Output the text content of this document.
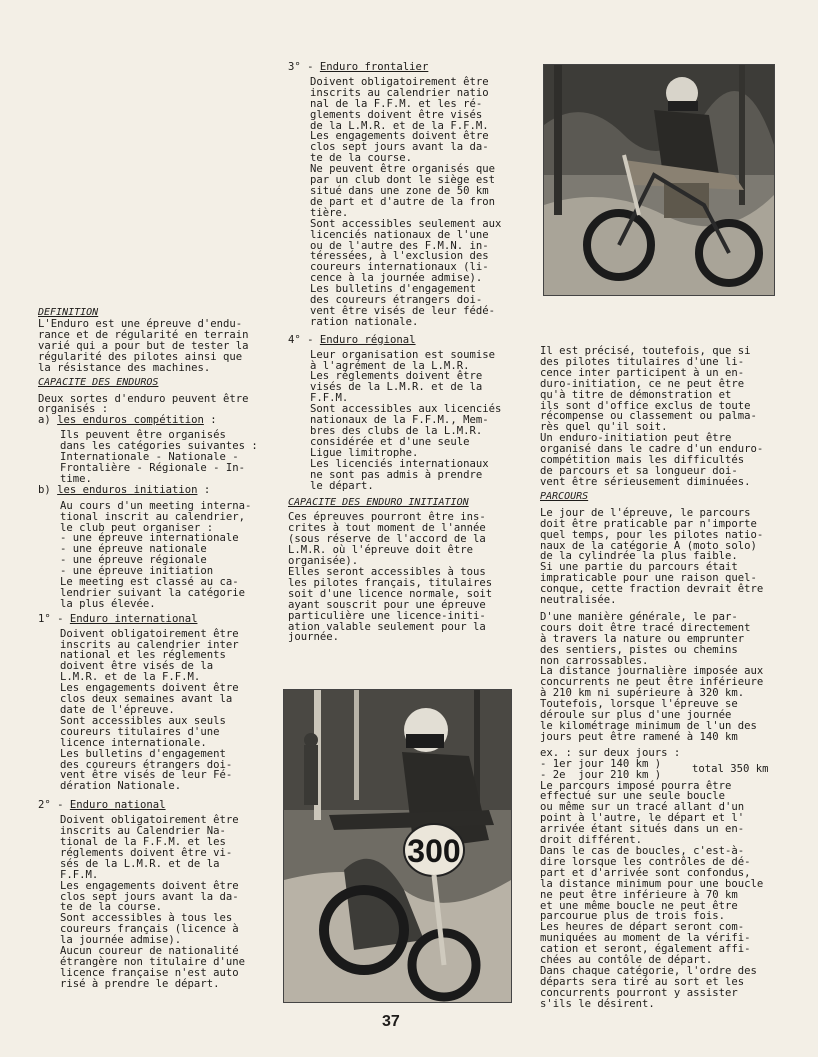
DEFINITION

L'Enduro est une épreuve d'endu-

rance et de régularité en terrain

varié qui a pour but de tester la

régularité des pilotes ainsi que

la résistance des machines.

CAPACITE DES ENDUROS

Deux sortes d'enduro peuvent être

organisés :

a) les enduros compétition :

Ils peuvent être organisés

dans les catégories suivantes :

Internationale - Nationale -

Frontalière - Régionale - In-

time.

b) les enduros initiation :

Au cours d'un meeting interna-

tional inscrit au calendrier,

le club peut organiser :

- une épreuve internationale

- une épreuve nationale

- une épreuve régionale

- une épreuve initiation

Le meeting est classé au ca-

lendrier suivant la catégorie

la plus élevée.

1° - Enduro international

Doivent obligatoirement être

inscrits au calendrier inter

national et les réglements

doivent être visés de la

L.M.R. et de la F.F.M.

Les engagements doivent être

clos deux semaines avant la

date de l'épreuve.

Sont accessibles aux seuls

coureurs titulaires d'une

licence internationale.

Les bulletins d'engagement

des coureurs étrangers doi-

vent être visés de leur Fé-

dération Nationale.

2° - Enduro national

Doivent obligatoirement être

inscrits au Calendrier Na-

tional de la F.F.M. et les

réglements doivent être vi-

sés de la L.M.R. et de la

F.F.M.

Les engagements doivent être

clos sept jours avant la da-

te de la course.

Sont accessibles à tous les

coureurs français (licence à

la journée admise).

Aucun coureur de nationalité

étrangère non titulaire d'une

licence française n'est auto

risé à prendre le départ.

3° - Enduro frontalier

Doivent obligatoirement être

inscrits au calendrier natio

nal de la F.F.M. et les ré-

glements doivent être visés

de la L.M.R. et de la F.F.M.

Les engagements doivent être

clos sept jours avant la da-

te de la course.

Ne peuvent être organisés que

par un club dont le siège est

situé dans une zone de 50 km

de part et d'autre de la fron

tière.

Sont accessibles seulement aux

licenciés nationaux de l'une

ou de l'autre des F.M.N. in-

téressées, à l'exclusion des

coureurs internationaux (li-

cence à la journée admise).

Les bulletins d'engagement

des coureurs étrangers doi-

vent être visés de leur fédé-

ration nationale.

4° - Enduro régional

Leur organisation est soumise

à l'agrément de la L.M.R.

Les réglements doivent être

visés de la L.M.R. et de la

F.F.M.

Sont accessibles aux licenciés

nationaux de la F.F.M., Mem-

bres des clubs de la L.M.R.

considérée et d'une seule

Ligue limitrophe.

Les licenciés internationaux

ne sont pas admis à prendre

le départ.

CAPACITE DES ENDURO INITIATION

Ces épreuves pourront être ins-

crites à tout moment de l'année

(sous réserve de l'accord de la

L.M.R. où l'épreuve doit être

organisée).

Elles seront accessibles à tous

les pilotes français, titulaires

soit d'une licence normale, soit

ayant souscrit pour une épreuve

particulière une licence-initi-

ation valable seulement pour la

journée.

Il est précisé, toutefois, que si

des pilotes titulaires d'une li-

cence inter participent à un en-

duro-initiation, ce ne peut être

qu'à titre de démonstration et

ils sont d'office exclus de toute

récompense ou classement ou palma-

rès quel qu'il soit.

Un enduro-initiation peut être

organisé dans le cadre d'un enduro-

compétition mais les difficultés

de parcours et sa longueur doi-

vent être sérieusement diminuées.

PARCOURS

Le jour de l'épreuve, le parcours

doit être praticable par n'importe

quel temps, pour les pilotes natio-

naux de la catégorie A (moto solo)

de la cylindrée la plus faible.

Si une partie du parcours était

impraticable pour une raison quel-

conque, cette fraction devrait être

neutralisée.

D'une manière générale, le par-

cours doit être tracé directement

à travers la nature ou emprunter

des sentiers, pistes ou chemins

non carrossables.

La distance journalière imposée aux

concurrents ne peut être inférieure

à 210 km ni supérieure à 320 km.

Toutefois, lorsque l'épreuve se

déroule sur plus d'une journée

le kilométrage minimum de l'un des

jours peut être ramené à 140 km

ex. : sur deux jours :

- 1er jour 140 km )

- 2e  jour 210 km )	total 350 km

Le parcours imposé pourra être

effectué sur une seule boucle

ou même sur un tracé allant d'un

point à l'autre, le départ et l'

arrivée étant situés dans un en-

droit différent.

Dans le cas de boucles, c'est-à-

dire lorsque les contrôles de dé-

part et d'arrivée sont confondus,

la distance minimum pour une boucle

ne peut être inférieure à 70 km

et une même boucle ne peut être

parcourue plus de trois fois.

Les heures de départ seront com-

muniquées au moment de la vérifi-

cation et seront, également affi-

chées au contôle de départ.

Dans chaque catégorie, l'ordre des

départs sera tiré au sort et les

concurrents pourront y assister

s'ils le désirent.

300
37
